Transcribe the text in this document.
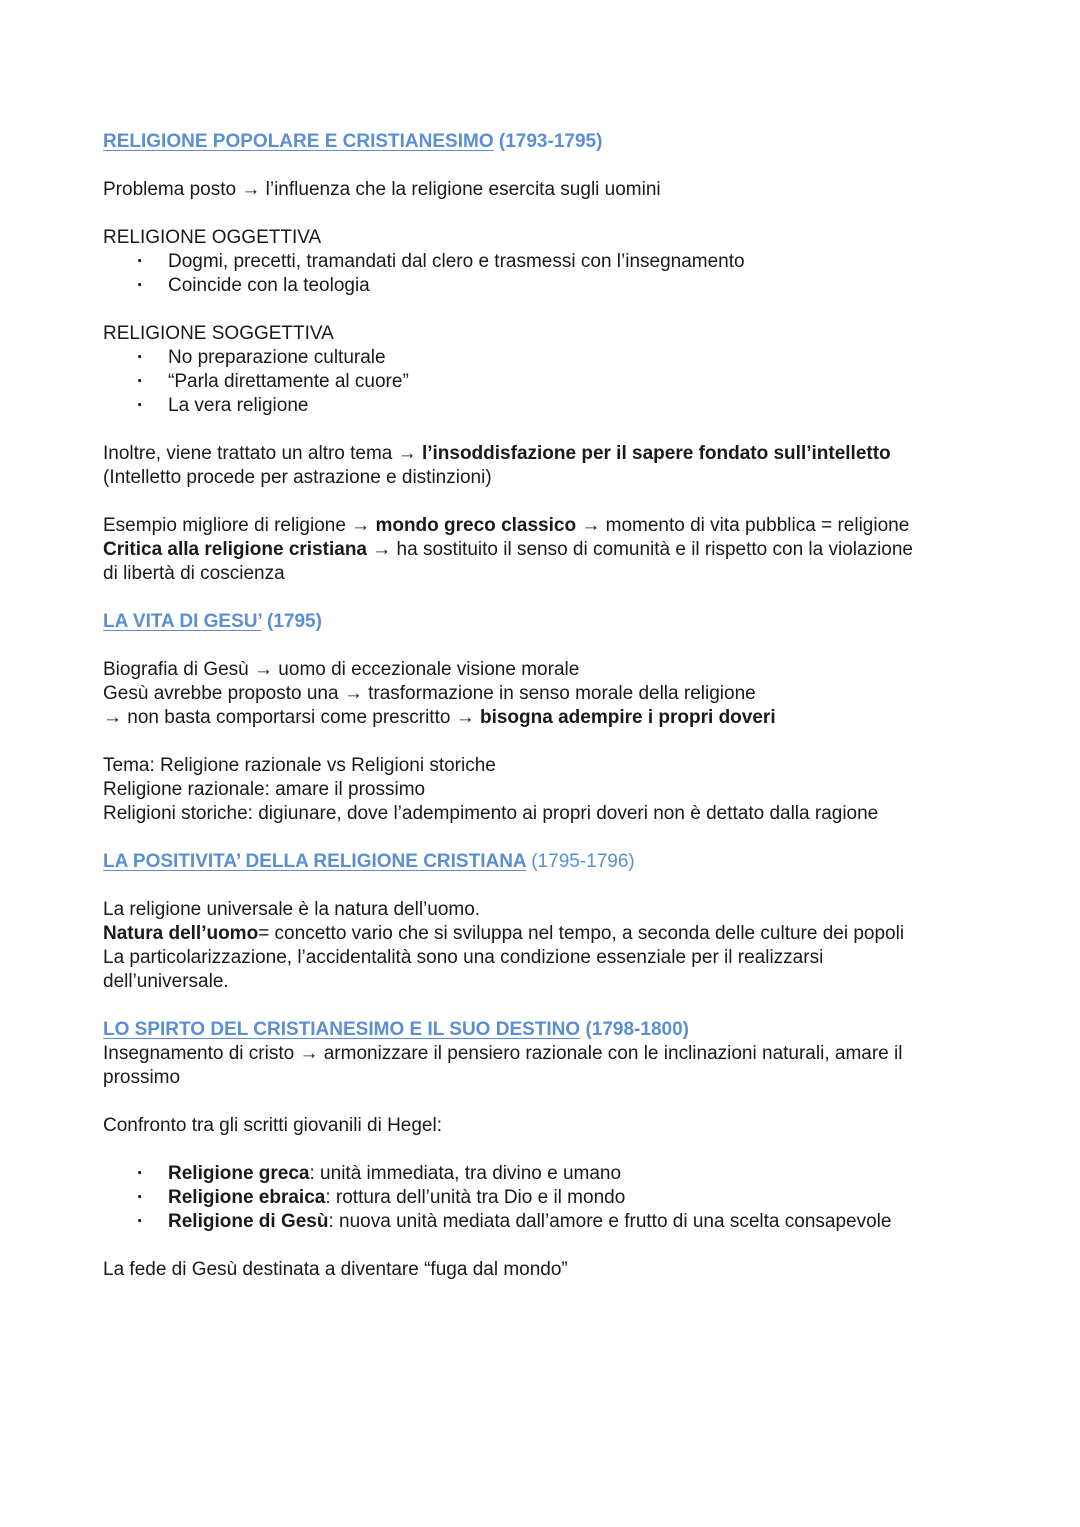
RELIGIONE POPOLARE E CRISTIANESIMO (1793-1795)

Problema posto → l’influenza che la religione esercita sugli uomini

RELIGIONE OGGETTIVA

· Dogmi, precetti, tramandati dal clero e trasmessi con l’insegnamento
· Coincide con la teologia

RELIGIONE SOGGETTIVA

· No preparazione culturale
· “Parla direttamente al cuore”
· La vera religione

Inoltre, viene trattato un altro tema → l’insoddisfazione per il sapere fondato sull’intelletto

(Intelletto procede per astrazione e distinzioni)

Esempio migliore di religione → mondo greco classico → momento di vita pubblica = religione

Critica alla religione cristiana → ha sostituito il senso di comunità e il rispetto con la violazione

di libertà di coscienza

LA VITA DI GESU’ (1795)

Biografia di Gesù → uomo di eccezionale visione morale

Gesù avrebbe proposto una → trasformazione in senso morale della religione

→ non basta comportarsi come prescritto → bisogna adempire i propri doveri

Tema: Religione razionale vs Religioni storiche

Religione razionale: amare il prossimo

Religioni storiche: digiunare, dove l’adempimento ai propri doveri non è dettato dalla ragione

LA POSITIVITA’ DELLA RELIGIONE CRISTIANA (1795-1796)

La religione universale è la natura dell’uomo.

Natura dell’uomo= concetto vario che si sviluppa nel tempo, a seconda delle culture dei popoli

La particolarizzazione, l’accidentalità sono una condizione essenziale per il realizzarsi

dell’universale.

LO SPIRTO DEL CRISTIANESIMO E IL SUO DESTINO (1798-1800)

Insegnamento di cristo → armonizzare il pensiero razionale con le inclinazioni naturali, amare il

prossimo

Confronto tra gli scritti giovanili di Hegel:

· Religione greca: unità immediata, tra divino e umano
· Religione ebraica: rottura dell’unità tra Dio e il mondo
· Religione di Gesù: nuova unità mediata dall’amore e frutto di una scelta consapevole

La fede di Gesù destinata a diventare “fuga dal mondo”
